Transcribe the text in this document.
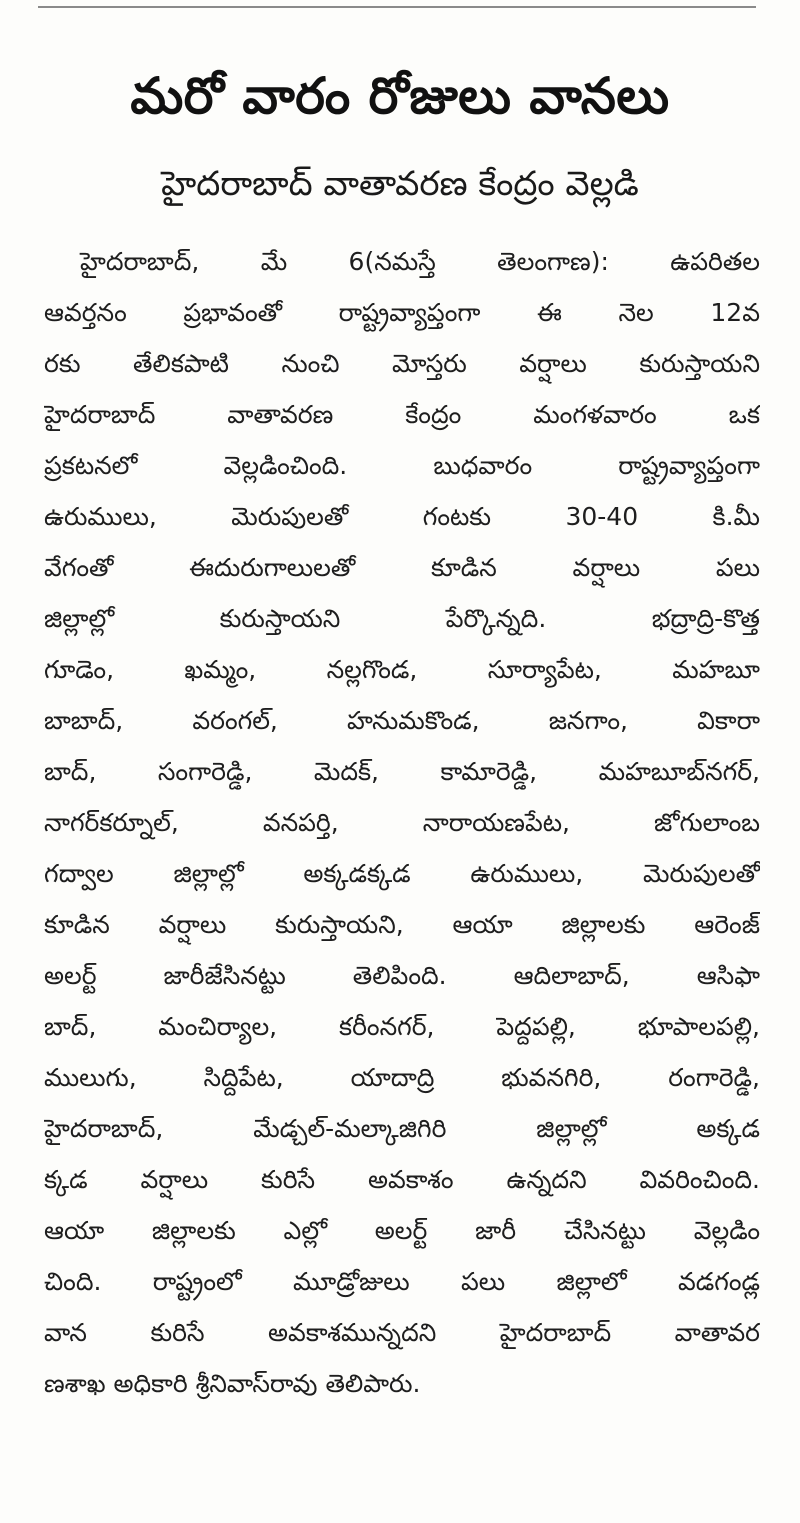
మరో వారం రోజులు వానలు
హైదరాబాద్‌ వాతావరణ కేంద్రం వెల్లడి
హైదరాబాద్‌, మే 6(నమస్తే తెలంగాణ): ఉపరితల
ఆవర్తనం ప్రభావంతో రాష్ట్రవ్యాప్తంగా ఈ నెల 12వ
రకు తేలికపాటి నుంచి మోస్తరు వర్షాలు కురుస్తాయని
హైదరాబాద్‌ వాతావరణ కేంద్రం మంగళవారం ఒక
ప్రకటనలో వెల్లడించింది. బుధవారం రాష్ట్రవ్యాప్తంగా
ఉరుములు, మెరుపులతో గంటకు 30-40 కి.మీ
వేగంతో ఈదురుగాలులతో కూడిన వర్షాలు పలు
జిల్లాల్లో కురుస్తాయని పేర్కొన్నది. భద్రాద్రి-కొత్త
గూడెం, ఖమ్మం, నల్లగొండ, సూర్యాపేట, మహబూ
బాబాద్‌, వరంగల్‌, హనుమకొండ, జనగాం, వికారా
బాద్‌, సంగారెడ్డి, మెదక్‌, కామారెడ్డి, మహబూబ్‌నగర్‌,
నాగర్‌కర్నూల్‌, వనపర్తి, నారాయణపేట, జోగులాంబ
గద్వాల జిల్లాల్లో అక్కడక్కడ ఉరుములు, మెరుపులతో
కూడిన వర్షాలు కురుస్తాయని, ఆయా జిల్లాలకు ఆరెంజ్‌
అలర్ట్‌ జారీజేసినట్టు తెలిపింది. ఆదిలాబాద్‌, ఆసిఫా
బాద్‌, మంచిర్యాల, కరీంనగర్‌, పెద్దపల్లి, భూపాలపల్లి,
ములుగు, సిద్దిపేట, యాదాద్రి భువనగిరి, రంగారెడ్డి,
హైదరాబాద్‌, మేడ్చల్‌-మల్కాజిగిరి జిల్లాల్లో అక్కడ
క్కడ వర్షాలు కురిసే అవకాశం ఉన్నదని వివరించింది.
ఆయా జిల్లాలకు ఎల్లో అలర్ట్‌ జారీ చేసినట్టు వెల్లడిం
చింది. రాష్ట్రంలో మూడ్రోజులు పలు జిల్లాలో వడగండ్ల
వాన కురిసే అవకాశమున్నదని హైదరాబాద్‌ వాతావర
ణశాఖ అధికారి శ్రీనివాస్‌రావు తెలిపారు.
